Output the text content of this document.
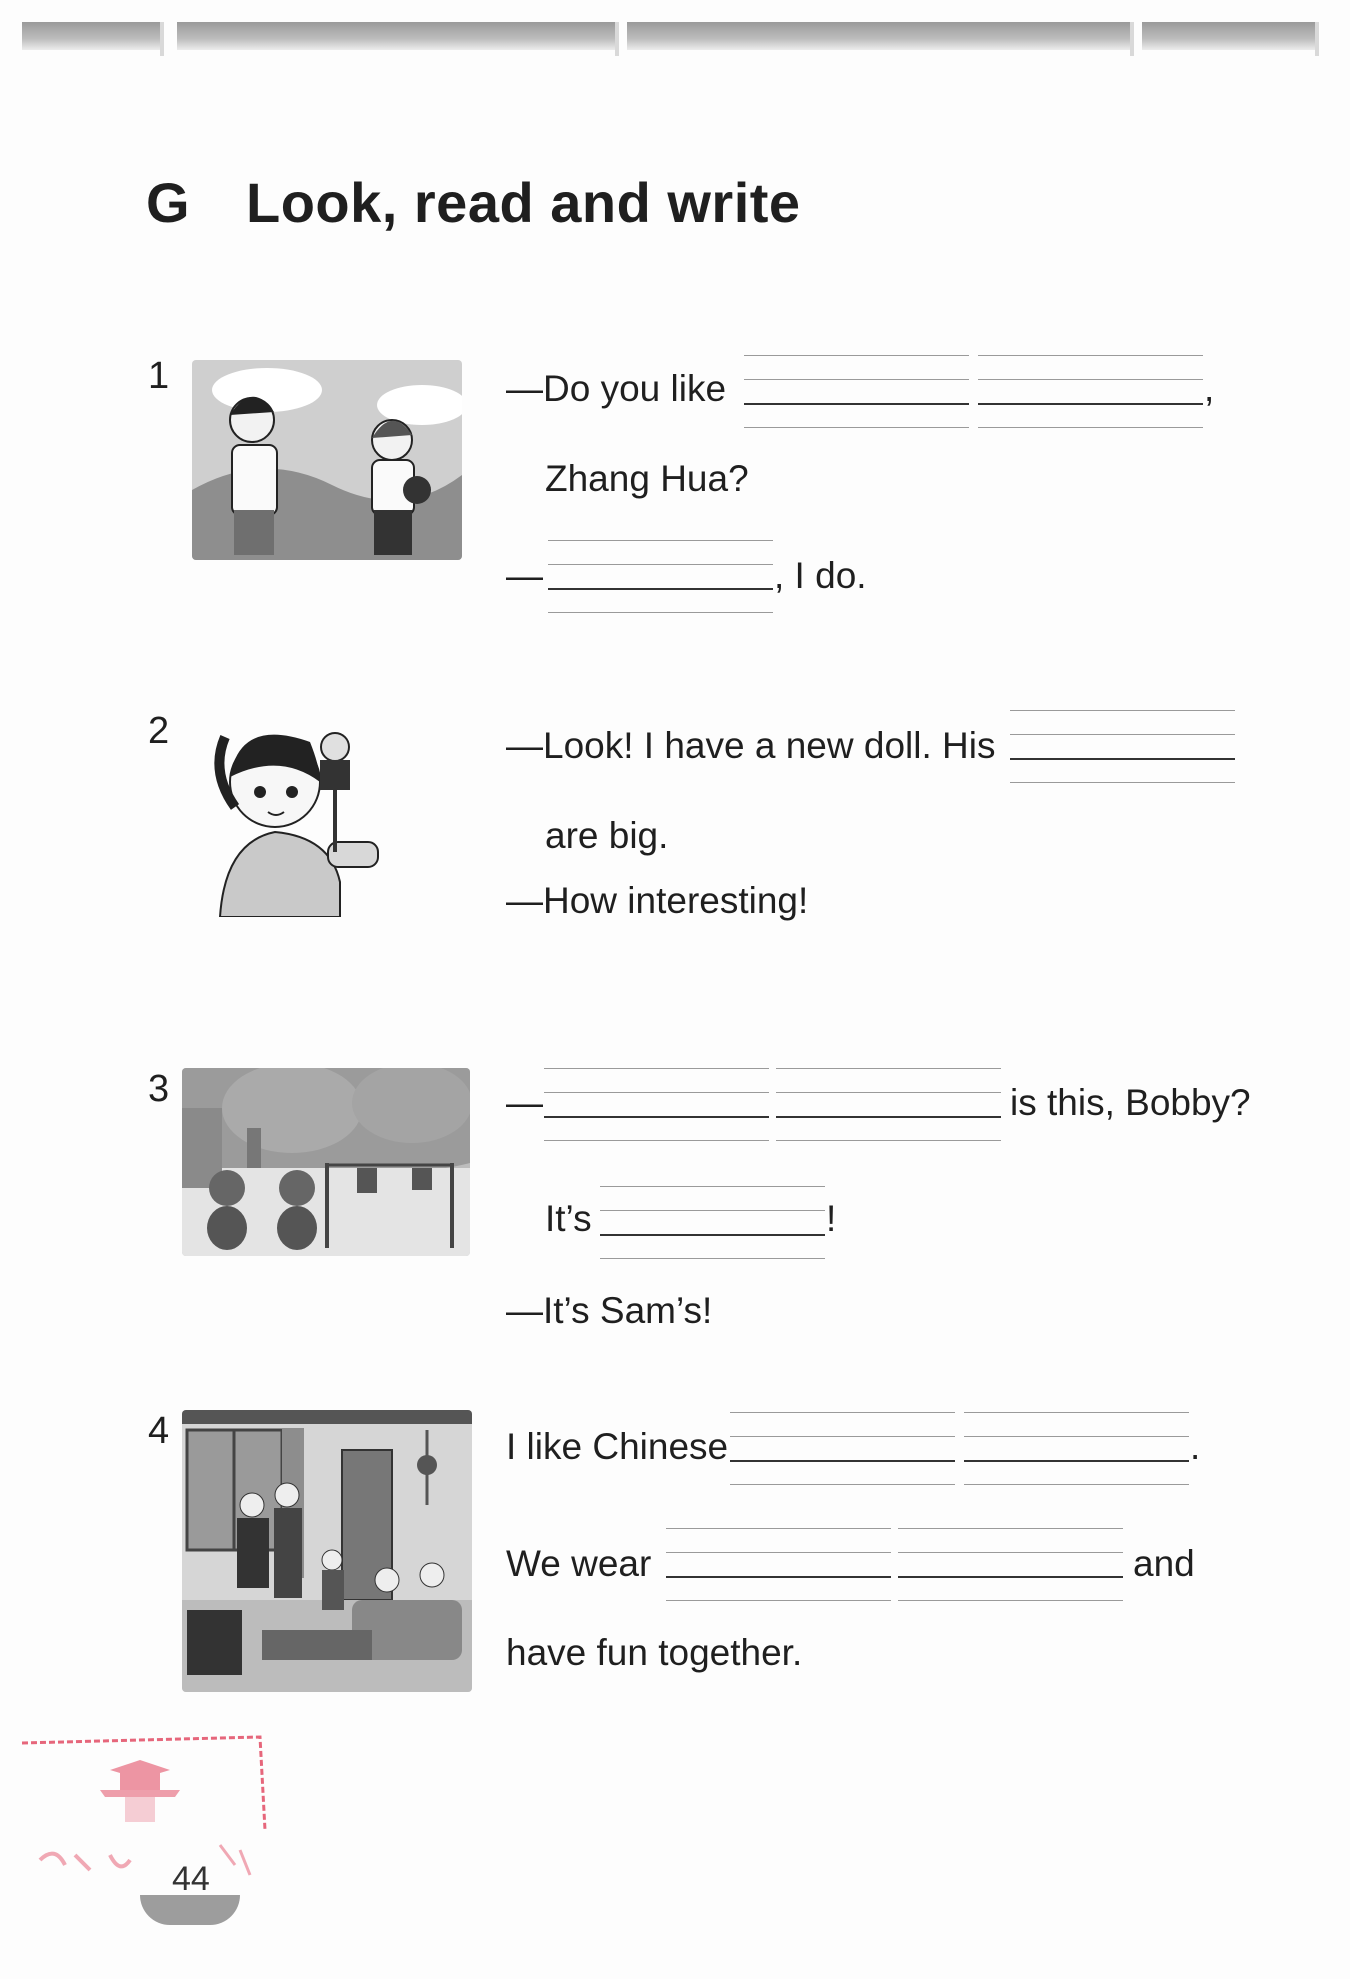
G Look, read and write
1	—Do you like	,
Zhang Hua?
—	, I do.
2	—Look! I have a new doll. His
are big.
—How interesting!
3	—	is this, Bobby?
It’s	!
—It’s Sam’s!
4	I like Chinese	.
We wear	and
have fun together.
44
